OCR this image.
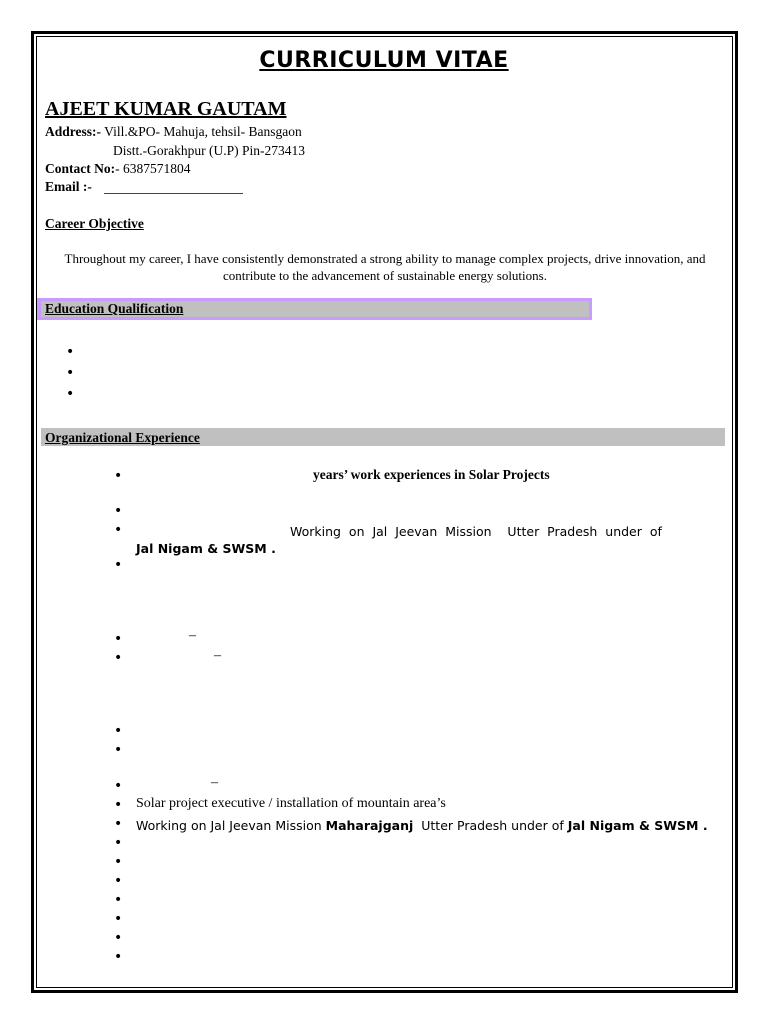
CURRICULUM VITAE
AJEET KUMAR GAUTAM
Address:- Vill.&PO- Mahuja, tehsil- Bansgaon
Distt.-Gorakhpur (U.P) Pin-273413
Contact No:- 6387571804
Email :-
Career Objective
Throughout my career, I have consistently demonstrated a strong ability to manage complex projects, drive innovation, and contribute to the advancement of sustainable energy solutions.
Education Qualification
•
•
•
Organizational Experience
•	years’ work experiences in Solar Projects
•
•	Working  on  Jal  Jeevan  Mission    Utter  Pradesh  under  of
Jal Nigam & SWSM .
•
•	–
•	–
•
•
•	–
• Solar project executive / installation of mountain area’s
• Working on Jal Jeevan Mission Maharajganj  Utter Pradesh under of Jal Nigam & SWSM .
•
•
•
•
•
•
•
